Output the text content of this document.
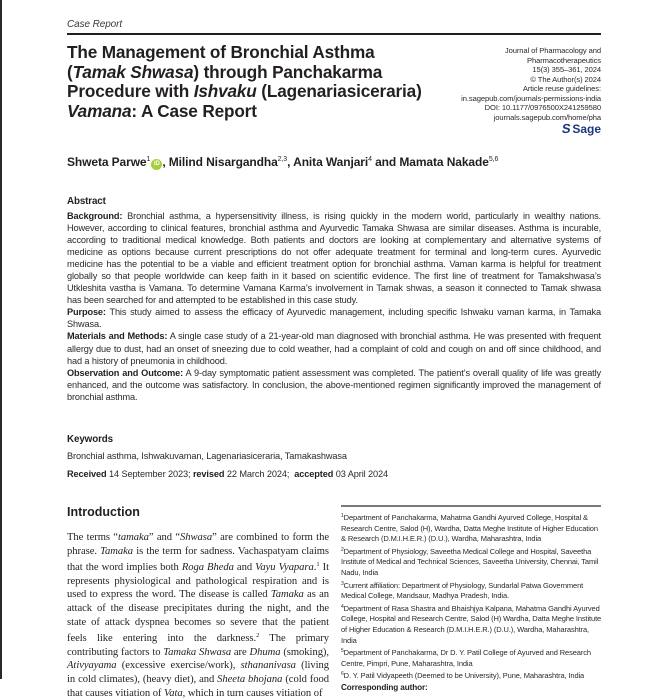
Case Report
The Management of Bronchial Asthma
(Tamak Shwasa) through Panchakarma
Procedure with Ishvaku (Lagenariasiceraria)
Vamana: A Case Report
Journal of Pharmacology and
Pharmacotherapeutics
15(3) 355–361, 2024
© The Author(s) 2024
Article reuse guidelines:
in.sagepub.com/journals-permissions-india
DOI: 10.1177/0976500X241259580
journals.sagepub.com/home/pha
S Sage
Shweta Parwe$^1$iD , Milind Nisargandha$^{2,3}$, Anita Wanjari$^4$ and Mamata Nakade$^{5,6}$
Abstract

Background: Bronchial asthma, a hypersensitivity illness, is rising quickly in the modern world, particularly in wealthy nations. However, according to clinical features, bronchial asthma and Ayurvedic Tamaka Shwasa are similar diseases. Asthma is incurable, according to traditional medical knowledge. Both patients and doctors are looking at complementary and alternative systems of medicine as options because current prescriptions do not offer adequate treatment for terminal and long-term cures. Ayurvedic medicine has the potential to be a viable and efficient treatment option for bronchial asthma. Vaman karma is helpful for treatment globally so that people worldwide can keep faith in it based on scientific evidence. The first line of treatment for Tamakshwasa’s Utkleshita vastha is Vamana. To determine Vamana Karma’s involvement in Tamak shwas, a season it connected to Tamak shwasa has been searched for and attempted to be established in this case study.

Purpose: This study aimed to assess the efficacy of Ayurvedic management, including specific Ishwaku vaman karma, in Tamaka Shwasa.

Materials and Methods: A single case study of a 21-year-old man diagnosed with bronchial asthma. He was presented with frequent allergy due to dust, had an onset of sneezing due to cold weather, had a complaint of cold and cough on and off since childhood, and had a history of pneumonia in childhood.

Observation and Outcome: A 9-day symptomatic patient assessment was completed. The patient’s overall quality of life was greatly enhanced, and the outcome was satisfactory. In conclusion, the above-mentioned regimen significantly improved the management of bronchial asthma.

Keywords

Bronchial asthma, Ishwakuvaman, Lagenariasiceraria, Tamakashwasa

Received 14 September 2023; revised 22 March 2024;  accepted 03 April 2024

Introduction

The terms “tamaka” and “Shwasa” are combined to form the phrase. Tamaka is the term for sadness. Vachaspatyam claims that the word implies both Roga Bheda and Vayu Vyapara.$^1$ It represents physiological and pathological respiration and is used to express the word. The disease is called Tamaka as an attack of the disease precipitates during the night, and the state of attack dyspnea becomes so severe that the patient feels like entering into the darkness.$^2$ The primary contributing factors to Tamaka Shwasa are Dhuma (smoking), Ativyayama (excessive exercise/work), sthananivasa (living in cold climates), (heavy diet), and Sheeta bhojana (cold food that causes vitiation of Vata, which in turn causes vitiation of

$^1$Department of Panchakarma, Mahatma Gandhi Ayurved College, Hospital & Research Centre, Salod (H), Wardha, Datta Meghe Institute of Higher Education & Research (D.M.I.H.E.R.) (D.U.), Wardha, Maharashtra, India

$^2$Department of Physiology, Saveetha Medical College and Hospital, Saveetha Institute of Medical and Technical Sciences, Saveetha University, Chennai, Tamil Nadu, India

$^3$Current affiliation: Department of Physiology, Sundarlal Patwa Government Medical College, Mandsaur, Madhya Pradesh, India.

$^4$Department of Rasa Shastra and Bhaishjya Kalpana, Mahatma Gandhi Ayurved College, Hospital and Research Centre, Salod (H) Wardha, Datta Meghe Institute of Higher Education & Research (D.M.I.H.E.R.) (D.U.), Wardha, Maharashtra, India

$^5$Department of Panchakarma, Dr D. Y. Patil College of Ayurved and Research Centre, Pimpri, Pune, Maharashtra, India

$^6$D. Y. Patil Vidyapeeth (Deemed to be University), Pune, Maharashtra, India

Corresponding author:
